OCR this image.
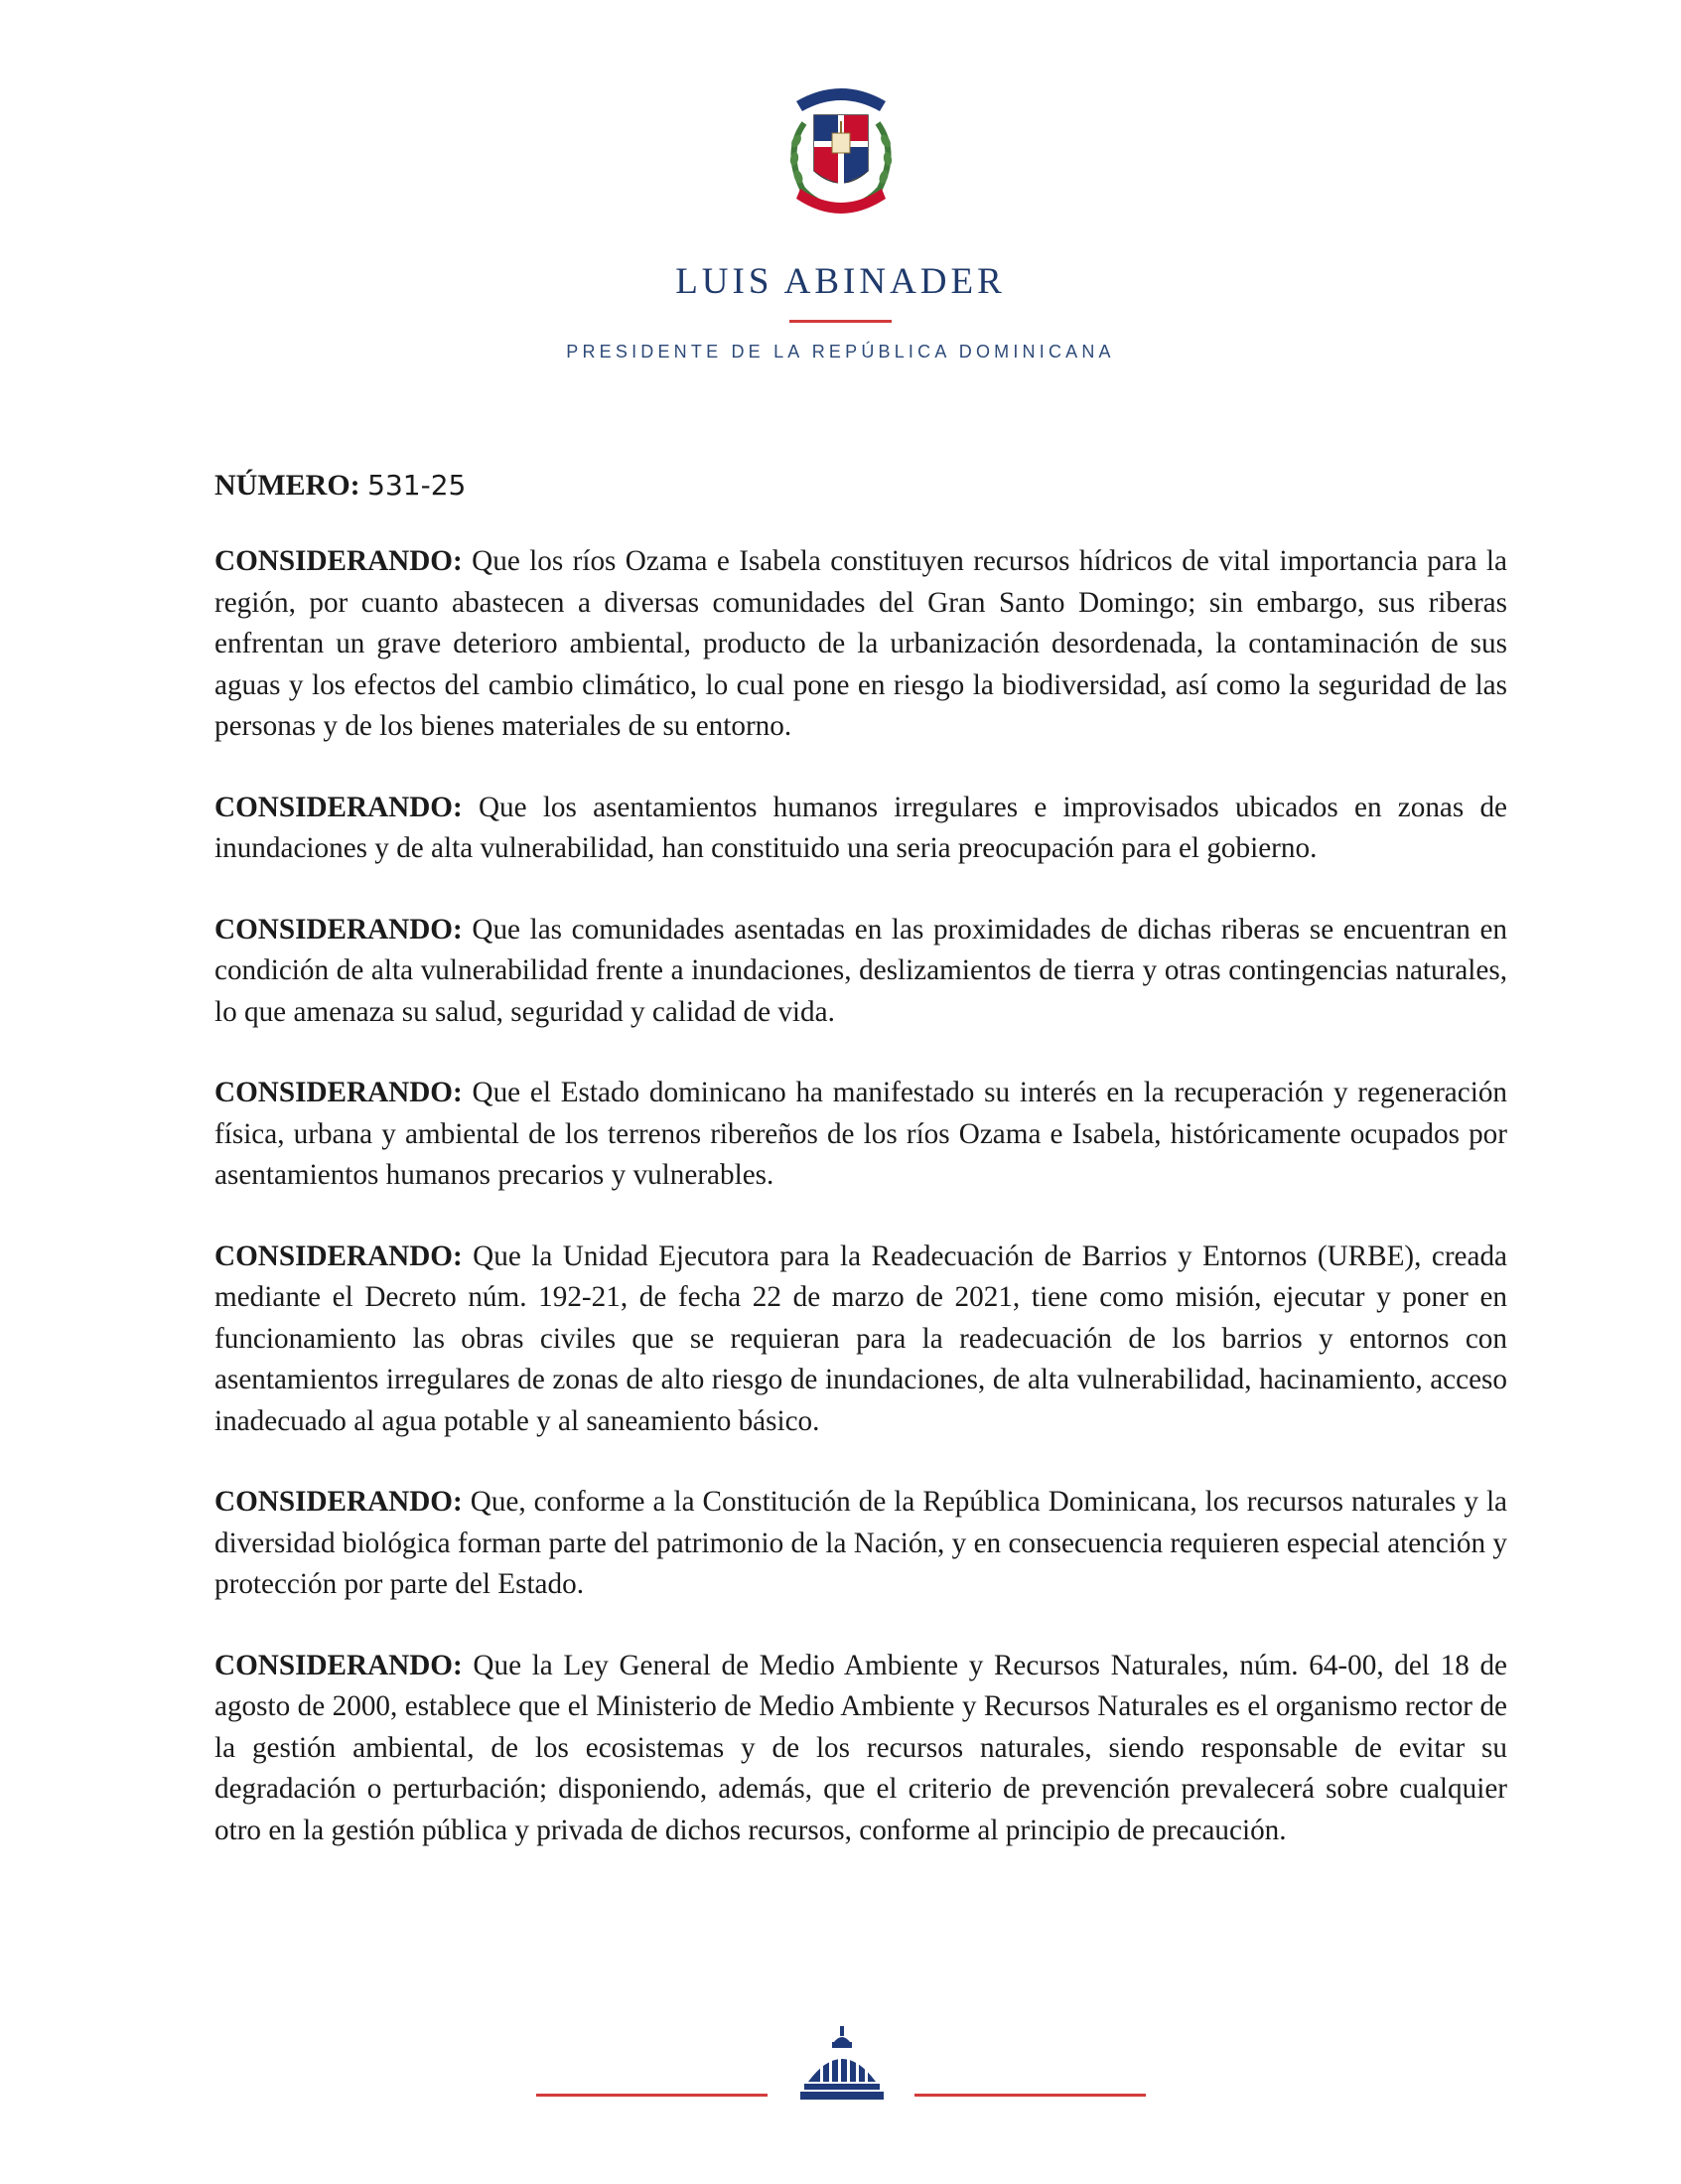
LUIS ABINADER
PRESIDENTE DE LA REPÚBLICA DOMINICANA
NÚMERO: 531-25

CONSIDERANDO: Que los ríos Ozama e Isabela constituyen recursos hídricos de vital importancia para la región, por cuanto abastecen a diversas comunidades del Gran Santo Domingo; sin embargo, sus riberas enfrentan un grave deterioro ambiental, producto de la urbanización desordenada, la contaminación de sus aguas y los efectos del cambio climático, lo cual pone en riesgo la biodiversidad, así como la seguridad de las personas y de los bienes materiales de su entorno.

CONSIDERANDO: Que los asentamientos humanos irregulares e improvisados ubicados en zonas de inundaciones y de alta vulnerabilidad, han constituido una seria preocupación para el gobierno.

CONSIDERANDO: Que las comunidades asentadas en las proximidades de dichas riberas se encuentran en condición de alta vulnerabilidad frente a inundaciones, deslizamientos de tierra y otras contingencias naturales, lo que amenaza su salud, seguridad y calidad de vida.

CONSIDERANDO: Que el Estado dominicano ha manifestado su interés en la recuperación y regeneración física, urbana y ambiental de los terrenos ribereños de los ríos Ozama e Isabela, históricamente ocupados por asentamientos humanos precarios y vulnerables.

CONSIDERANDO: Que la Unidad Ejecutora para la Readecuación de Barrios y Entornos (URBE), creada mediante el Decreto núm. 192-21, de fecha 22 de marzo de 2021, tiene como misión, ejecutar y poner en funcionamiento las obras civiles que se requieran para la readecuación de los barrios y entornos con asentamientos irregulares de zonas de alto riesgo de inundaciones, de alta vulnerabilidad, hacinamiento, acceso inadecuado al agua potable y al saneamiento básico.

CONSIDERANDO: Que, conforme a la Constitución de la República Dominicana, los recursos naturales y la diversidad biológica forman parte del patrimonio de la Nación, y en consecuencia requieren especial atención y protección por parte del Estado.

CONSIDERANDO: Que la Ley General de Medio Ambiente y Recursos Naturales, núm. 64-00, del 18 de agosto de 2000, establece que el Ministerio de Medio Ambiente y Recursos Naturales es el organismo rector de la gestión ambiental, de los ecosistemas y de los recursos naturales, siendo responsable de evitar su degradación o perturbación; disponiendo, además, que el criterio de prevención prevalecerá sobre cualquier otro en la gestión pública y privada de dichos recursos, conforme al principio de precaución.
